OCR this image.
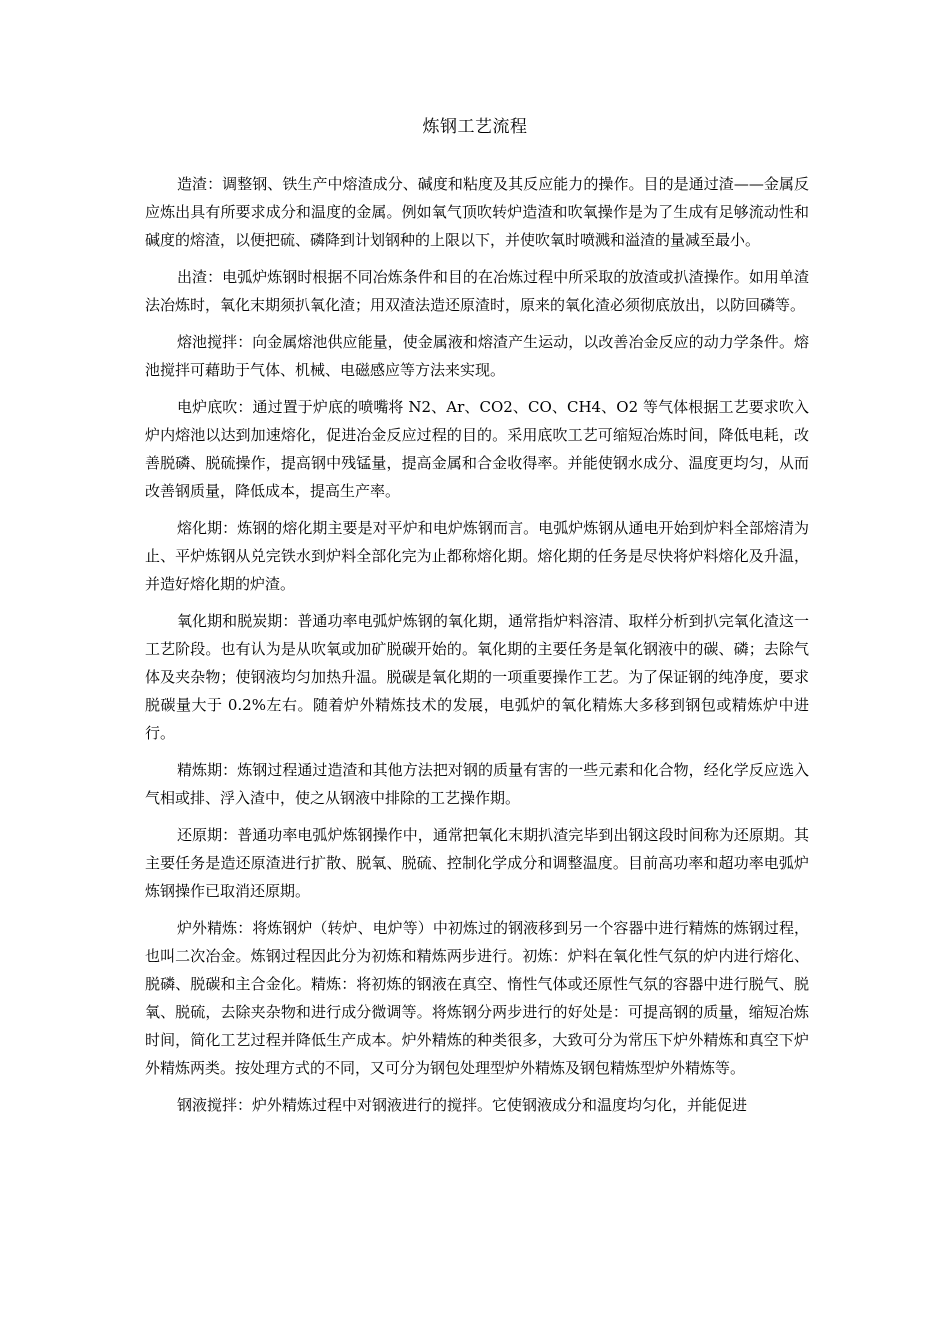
炼钢工艺流程

造渣：调整钢、铁生产中熔渣成分、碱度和粘度及其反应能力的操作。目的是通过渣——金属反应炼出具有所要求成分和温度的金属。例如氧气顶吹转炉造渣和吹氧操作是为了生成有足够流动性和碱度的熔渣，以便把硫、磷降到计划钢种的上限以下，并使吹氧时喷溅和溢渣的量减至最小。

出渣：电弧炉炼钢时根据不同冶炼条件和目的在冶炼过程中所采取的放渣或扒渣操作。如用单渣法冶炼时，氧化末期须扒氧化渣；用双渣法造还原渣时，原来的氧化渣必须彻底放出，以防回磷等。

熔池搅拌：向金属熔池供应能量，使金属液和熔渣产生运动，以改善冶金反应的动力学条件。熔池搅拌可藉助于气体、机械、电磁感应等方法来实现。

电炉底吹：通过置于炉底的喷嘴将 N2、Ar、CO2、CO、CH4、O2 等气体根据工艺要求吹入炉内熔池以达到加速熔化，促进冶金反应过程的目的。采用底吹工艺可缩短冶炼时间，降低电耗，改善脱磷、脱硫操作，提高钢中残锰量，提高金属和合金收得率。并能使钢水成分、温度更均匀，从而改善钢质量，降低成本，提高生产率。

熔化期：炼钢的熔化期主要是对平炉和电炉炼钢而言。电弧炉炼钢从通电开始到炉料全部熔清为止、平炉炼钢从兑完铁水到炉料全部化完为止都称熔化期。熔化期的任务是尽快将炉料熔化及升温，并造好熔化期的炉渣。

氧化期和脱炭期：普通功率电弧炉炼钢的氧化期，通常指炉料溶清、取样分析到扒完氧化渣这一工艺阶段。也有认为是从吹氧或加矿脱碳开始的。氧化期的主要任务是氧化钢液中的碳、磷；去除气体及夹杂物；使钢液均匀加热升温。脱碳是氧化期的一项重要操作工艺。为了保证钢的纯净度，要求脱碳量大于 0.2%左右。随着炉外精炼技术的发展，电弧炉的氧化精炼大多移到钢包或精炼炉中进行。

精炼期：炼钢过程通过造渣和其他方法把对钢的质量有害的一些元素和化合物，经化学反应选入气相或排、浮入渣中，使之从钢液中排除的工艺操作期。

还原期：普通功率电弧炉炼钢操作中，通常把氧化末期扒渣完毕到出钢这段时间称为还原期。其主要任务是造还原渣进行扩散、脱氧、脱硫、控制化学成分和调整温度。目前高功率和超功率电弧炉炼钢操作已取消还原期。

炉外精炼：将炼钢炉（转炉、电炉等）中初炼过的钢液移到另一个容器中进行精炼的炼钢过程，也叫二次冶金。炼钢过程因此分为初炼和精炼两步进行。初炼：炉料在氧化性气氛的炉内进行熔化、脱磷、脱碳和主合金化。精炼：将初炼的钢液在真空、惰性气体或还原性气氛的容器中进行脱气、脱氧、脱硫，去除夹杂物和进行成分微调等。将炼钢分两步进行的好处是：可提高钢的质量，缩短冶炼时间，简化工艺过程并降低生产成本。炉外精炼的种类很多，大致可分为常压下炉外精炼和真空下炉外精炼两类。按处理方式的不同，又可分为钢包处理型炉外精炼及钢包精炼型炉外精炼等。

钢液搅拌：炉外精炼过程中对钢液进行的搅拌。它使钢液成分和温度均匀化，并能促进
